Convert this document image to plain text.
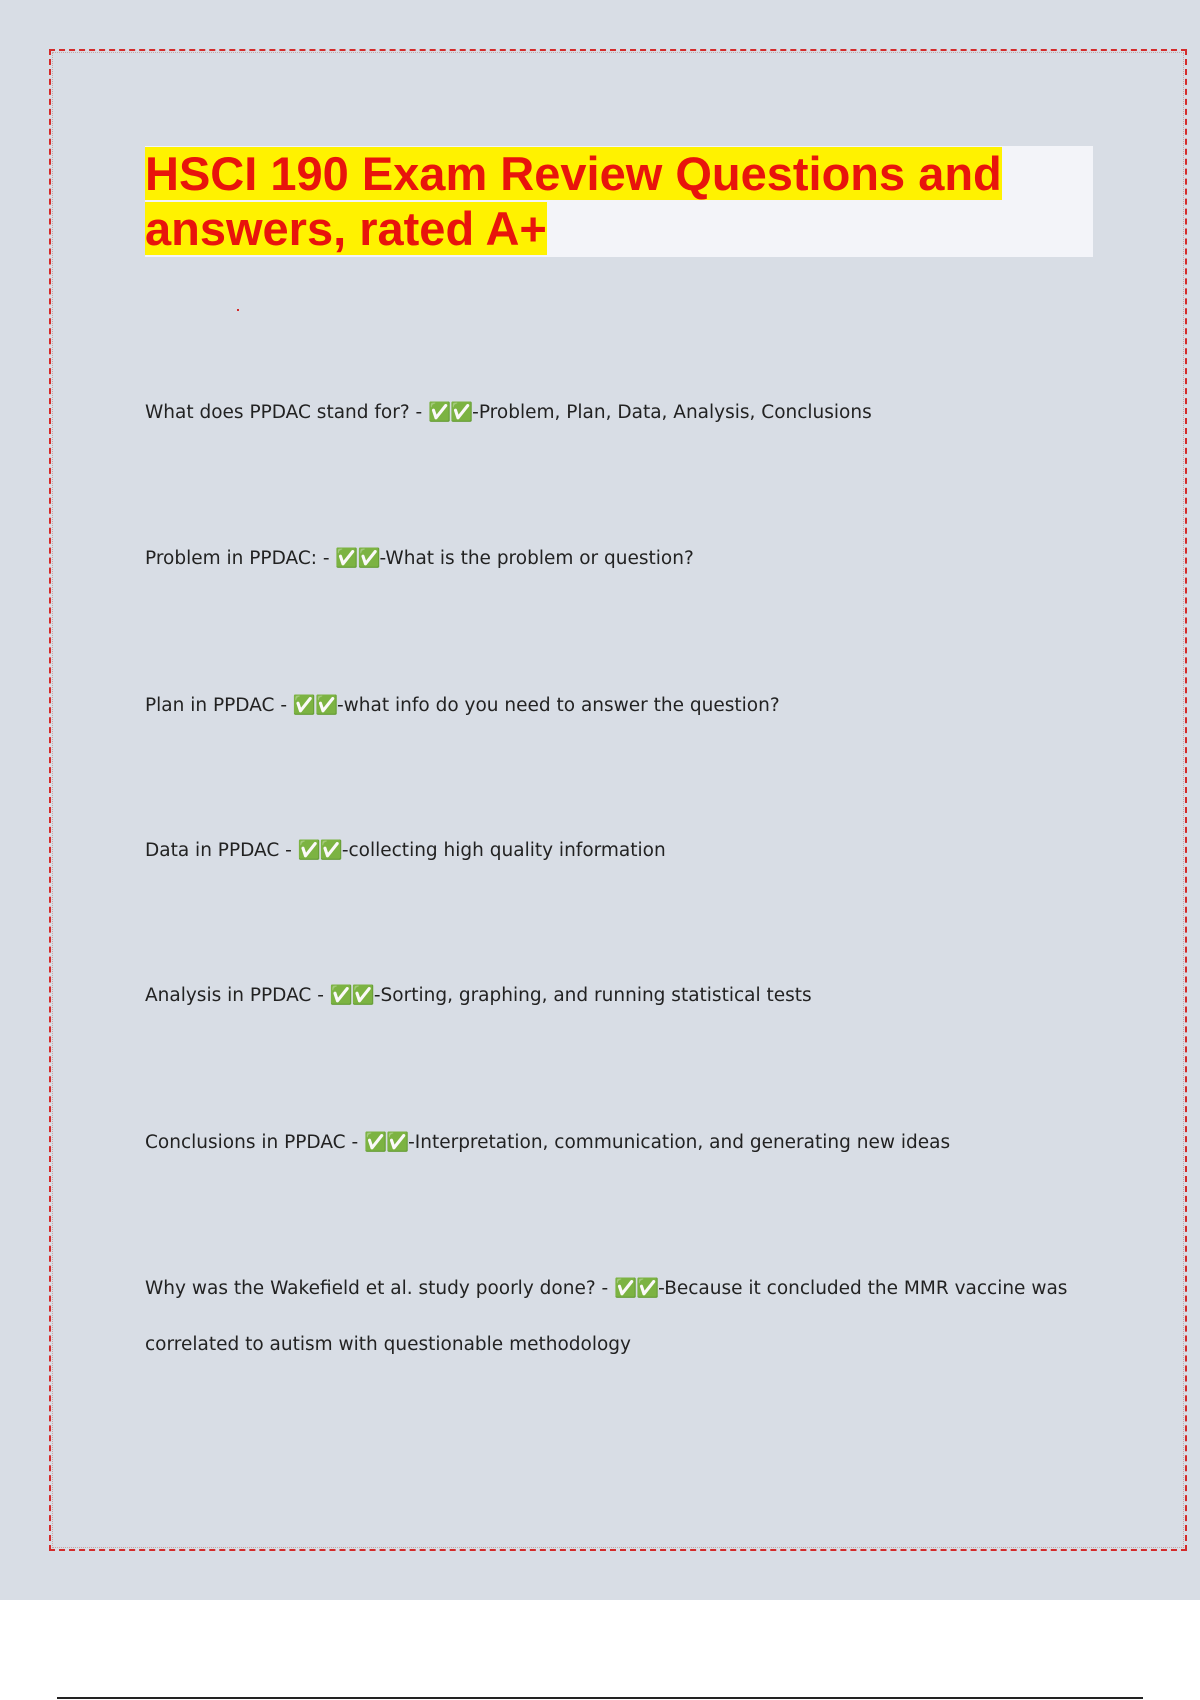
HSCI 190 Exam Review Questions and answers, rated A+

What does PPDAC stand for? - ✅✅-Problem, Plan, Data, Analysis, Conclusions

Problem in PPDAC: - ✅✅-What is the problem or question?

Plan in PPDAC - ✅✅-what info do you need to answer the question?

Data in PPDAC - ✅✅-collecting high quality information

Analysis in PPDAC - ✅✅-Sorting, graphing, and running statistical tests

Conclusions in PPDAC - ✅✅-Interpretation, communication, and generating new ideas

Why was the Wakefield et al. study poorly done? - ✅✅-Because it concluded the MMR vaccine was correlated to autism with questionable methodology
